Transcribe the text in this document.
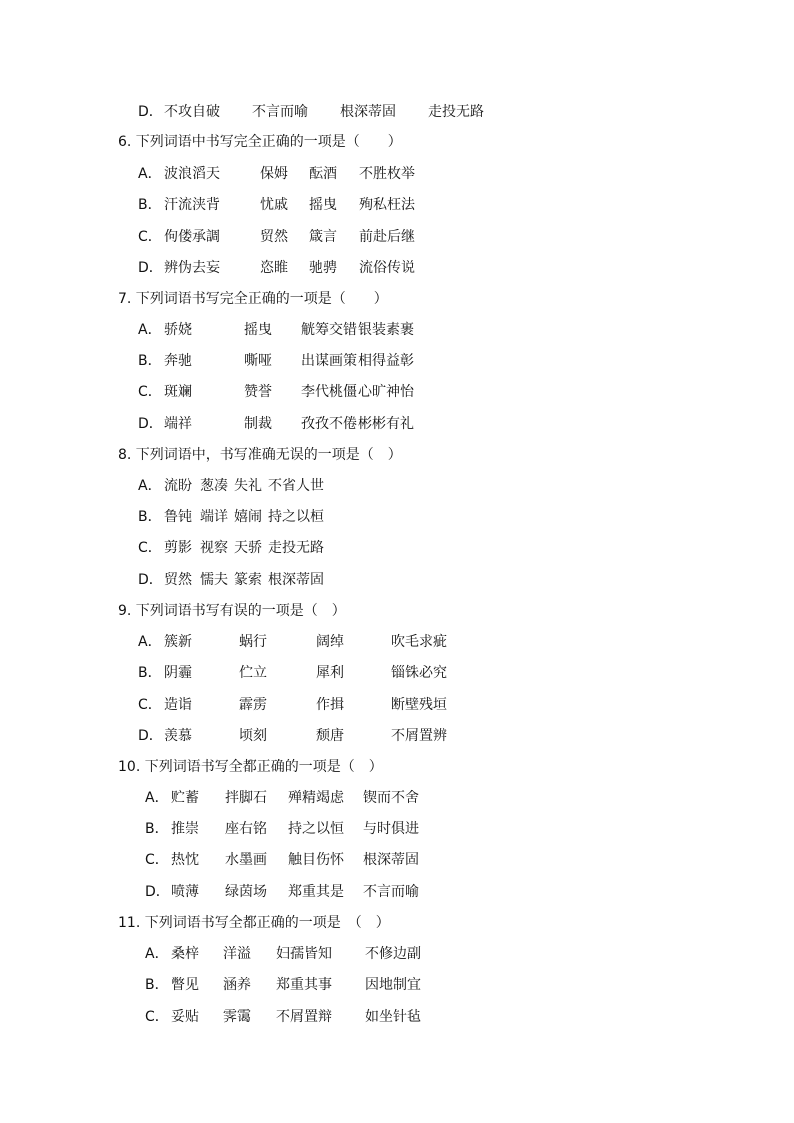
D． 不攻自破 不言而喻 根深蒂固 走投无路
6. 下列词语中书写完全正确的一项是（　　）
A． 波浪滔天	保姆 酝酒 不胜枚举
B． 汗流浃背	忧戚 摇曳 殉私枉法
C． 佝偻承調	贸然 箴言 前赴后继
D． 辨伪去妄	恣睢 驰骋 流俗传说
7. 下列词语书写完全正确的一项是（　　）
A． 骄娆	摇曳 觥筹交错 银装素裹
B． 奔驰	嘶哑 出谋画策 相得益彰
C． 斑斓	赞誉 李代桃僵 心旷神怡
D． 端祥	制裁 孜孜不倦 彬彬有礼
8. 下列词语中，书写准确无误的一项是（　）
A． 流盼 葱凑 失礼 不省人世
B． 鲁钝 端详 嬉闹 持之以桓
C． 剪影 视察 天骄 走投无路
D． 贸然 懦夫 篆索 根深蒂固
9. 下列词语书写有误的一项是（　）
A． 簇新	蜗行	阔绰	吹毛求疵
B． 阴霾	伫立	犀利	锱铢必究
C． 造诣	霹雳	作揖	断壁残垣
D． 羡慕	顷刻	颓唐	不屑置辨
10. 下列词语书写全都正确的一项是（　）
A． 贮蓄 拌脚石 殚精竭虑 锲而不舍
B． 推崇 座右铭 持之以恒 与时俱进
C． 热忱 水墨画 触目伤怀 根深蒂固
D． 喷薄 绿茵场 郑重其是 不言而喻
11. 下列词语书写全都正确的一项是　（　）
A． 桑梓 洋溢 妇孺皆知 不修边副
B． 瞥见 涵养 郑重其事 因地制宜
C． 妥贴 霁霭 不屑置辩 如坐针毡
